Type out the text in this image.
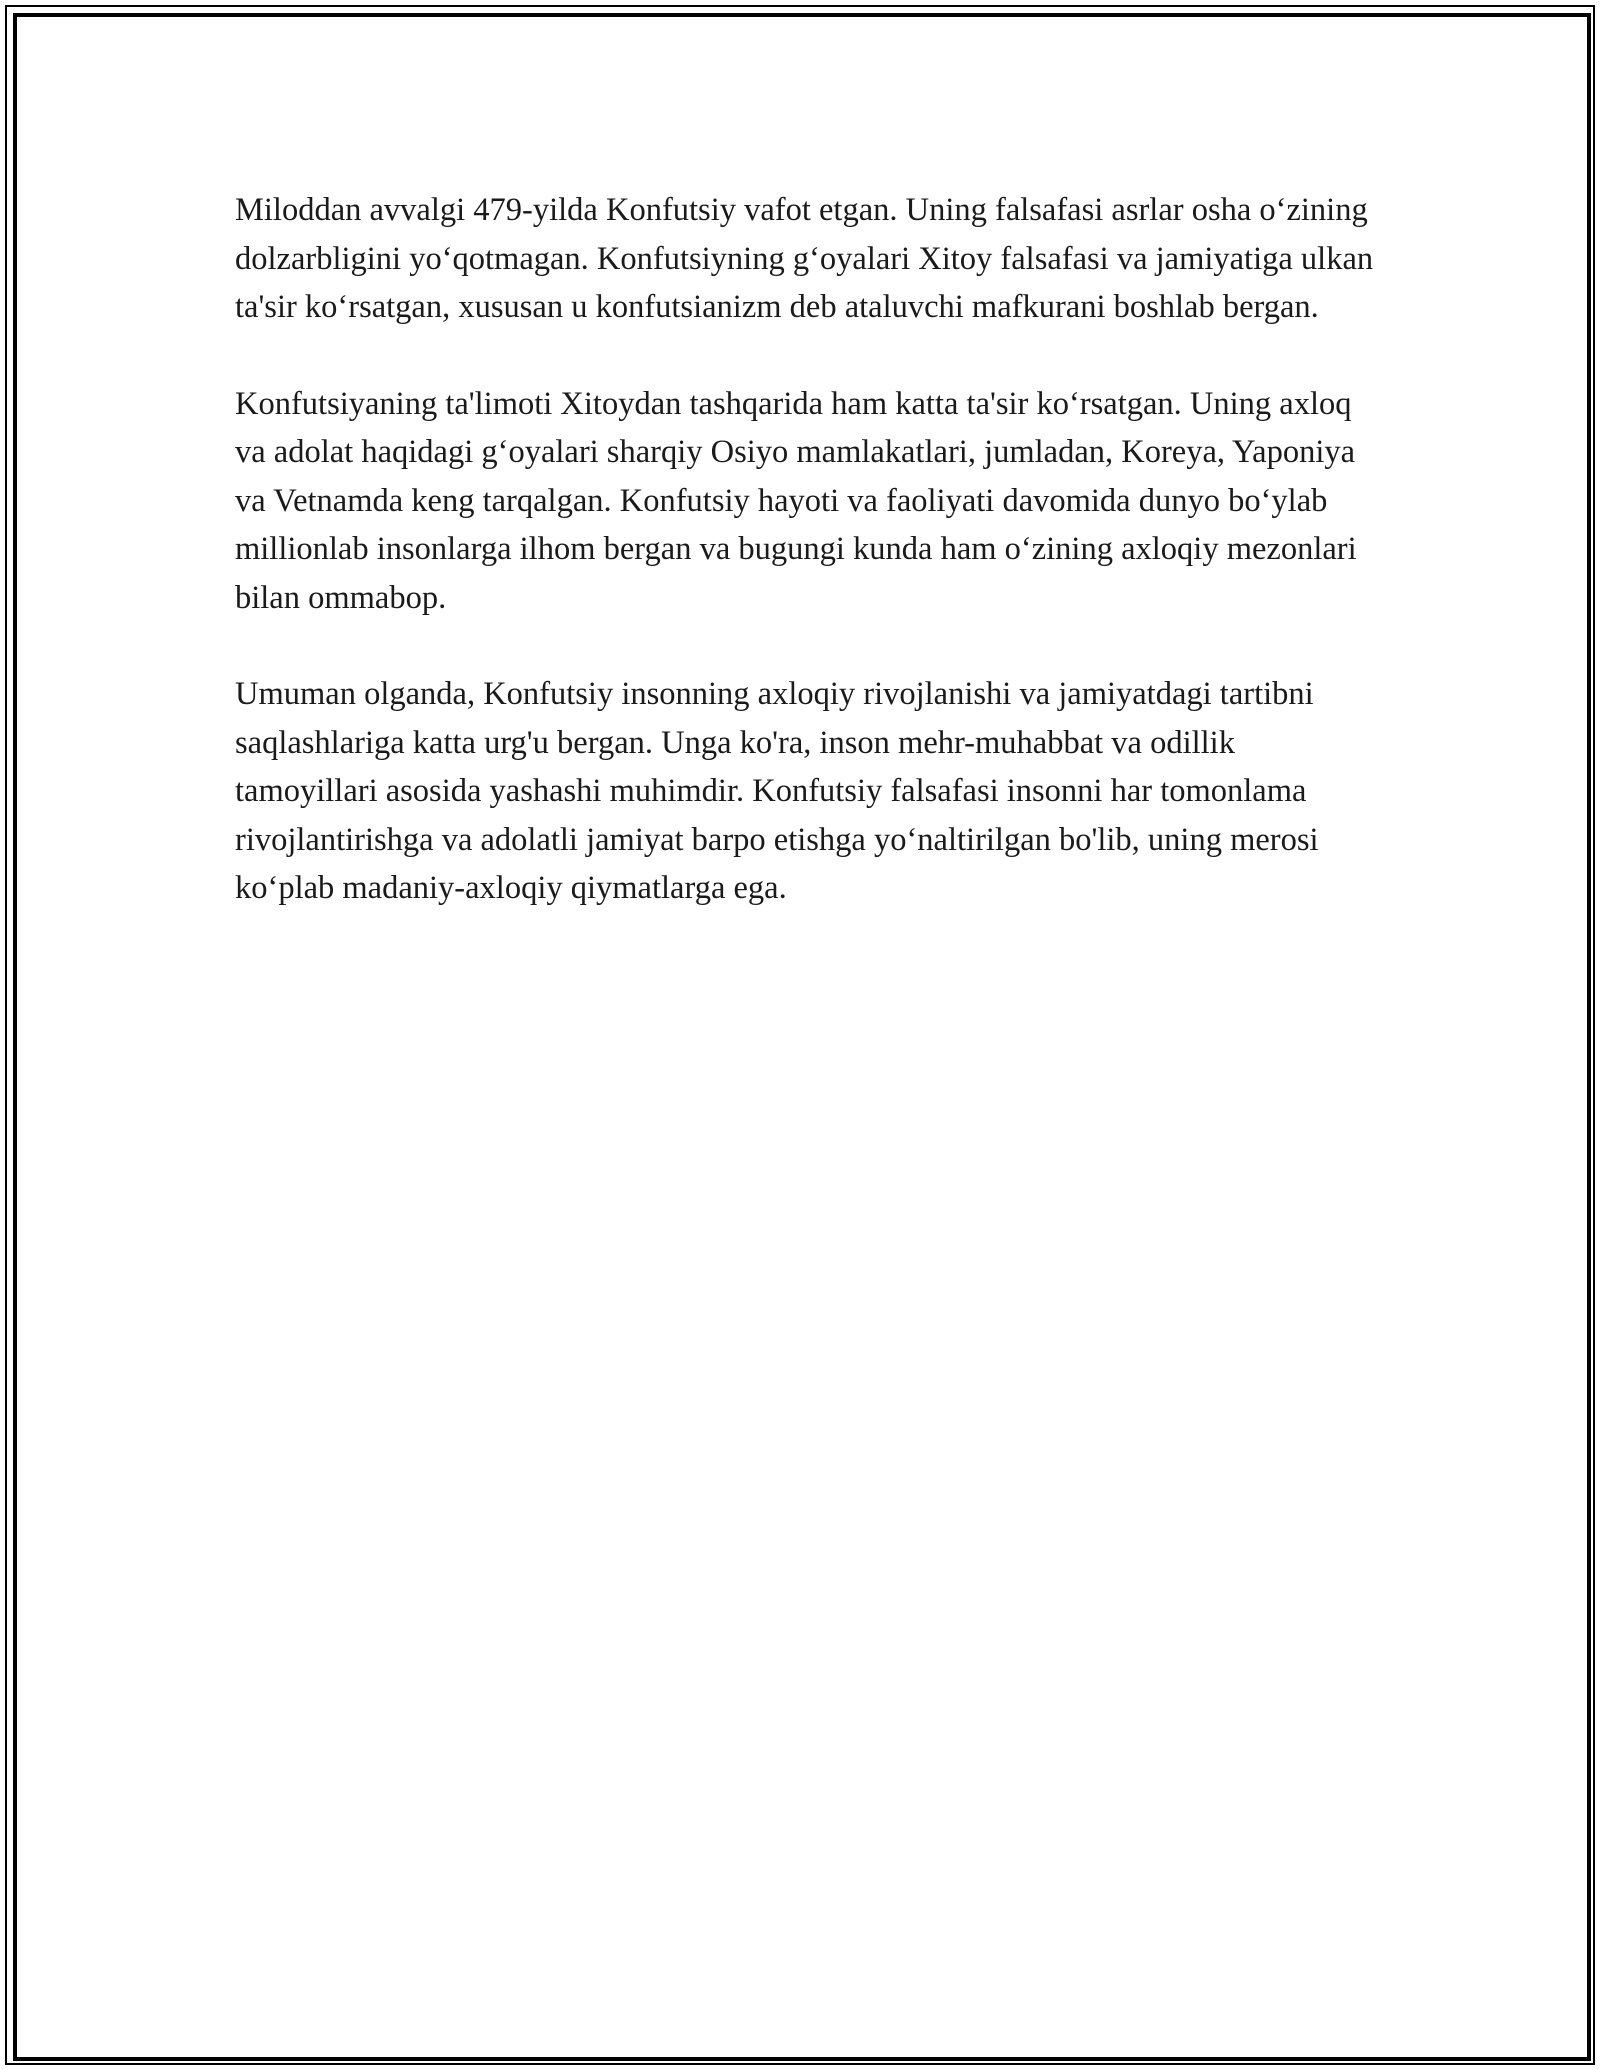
Miloddan avvalgi 479-yilda Konfutsiy vafot etgan. Uning falsafasi asrlar osha o‘zining dolzarbligini yo‘qotmagan. Konfutsiyning g‘oyalari Xitoy falsafasi va jamiyatiga ulkan ta'sir ko‘rsatgan, xususan u konfutsianizm deb ataluvchi mafkurani boshlab bergan.

Konfutsiyaning ta'limoti Xitoydan tashqarida ham katta ta'sir ko‘rsatgan. Uning axloq va adolat haqidagi g‘oyalari sharqiy Osiyo mamlakatlari, jumladan, Koreya, Yaponiya va Vetnamda keng tarqalgan. Konfutsiy hayoti va faoliyati davomida dunyo bo‘ylab millionlab insonlarga ilhom bergan va bugungi kunda ham o‘zining axloqiy mezonlari bilan ommabop.

Umuman olganda, Konfutsiy insonning axloqiy rivojlanishi va jamiyatdagi tartibni saqlashlariga katta urg'u bergan. Unga ko'ra, inson mehr-muhabbat va odillik tamoyillari asosida yashashi muhimdir. Konfutsiy falsafasi insonni har tomonlama rivojlantirishga va adolatli jamiyat barpo etishga yo‘naltirilgan bo'lib, uning merosi ko‘plab madaniy-axloqiy qiymatlarga ega.
